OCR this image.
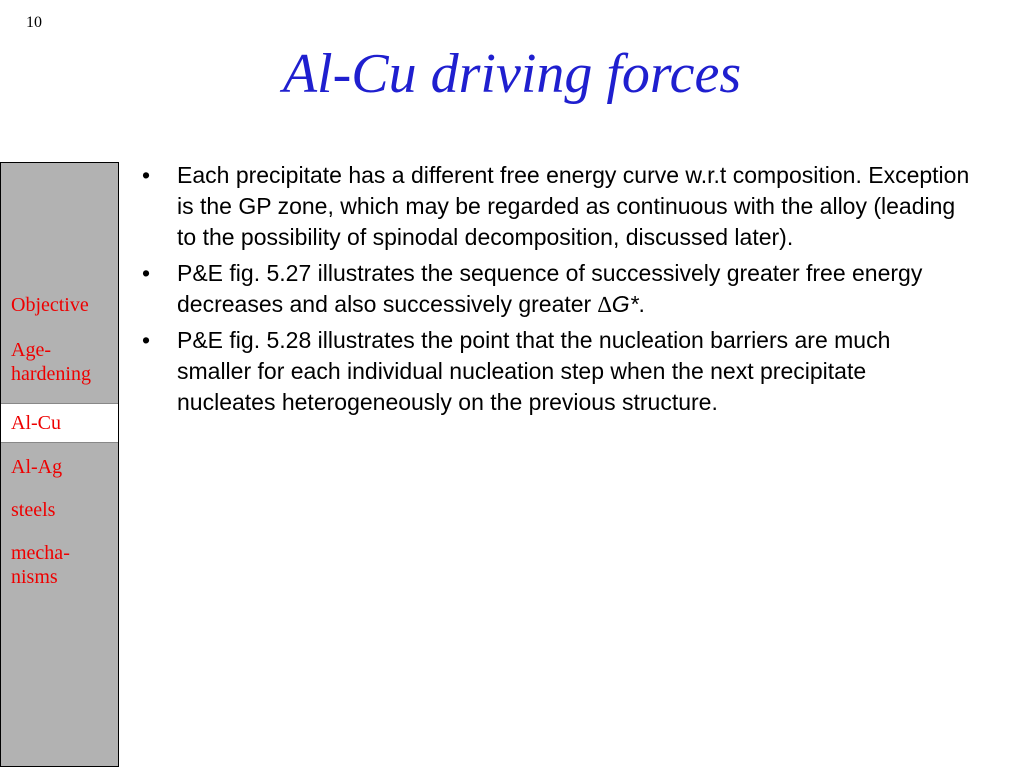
10
Al-Cu driving forces
Objective
Age-
hardening
Al-Cu
Al-Ag
steels
mecha-
nisms
• Each precipitate has a different free energy curve w.r.t composition. Exception is the GP zone, which may be regarded as continuous with the alloy (leading to the possibility of spinodal decomposition, discussed later).
• P&E fig. 5.27 illustrates the sequence of successively greater free energy decreases and also successively greater ∆G*.
• P&E fig. 5.28 illustrates the point that the nucleation barriers are much smaller for each individual nucleation step when the next precipitate nucleates heterogeneously on the previous structure.
